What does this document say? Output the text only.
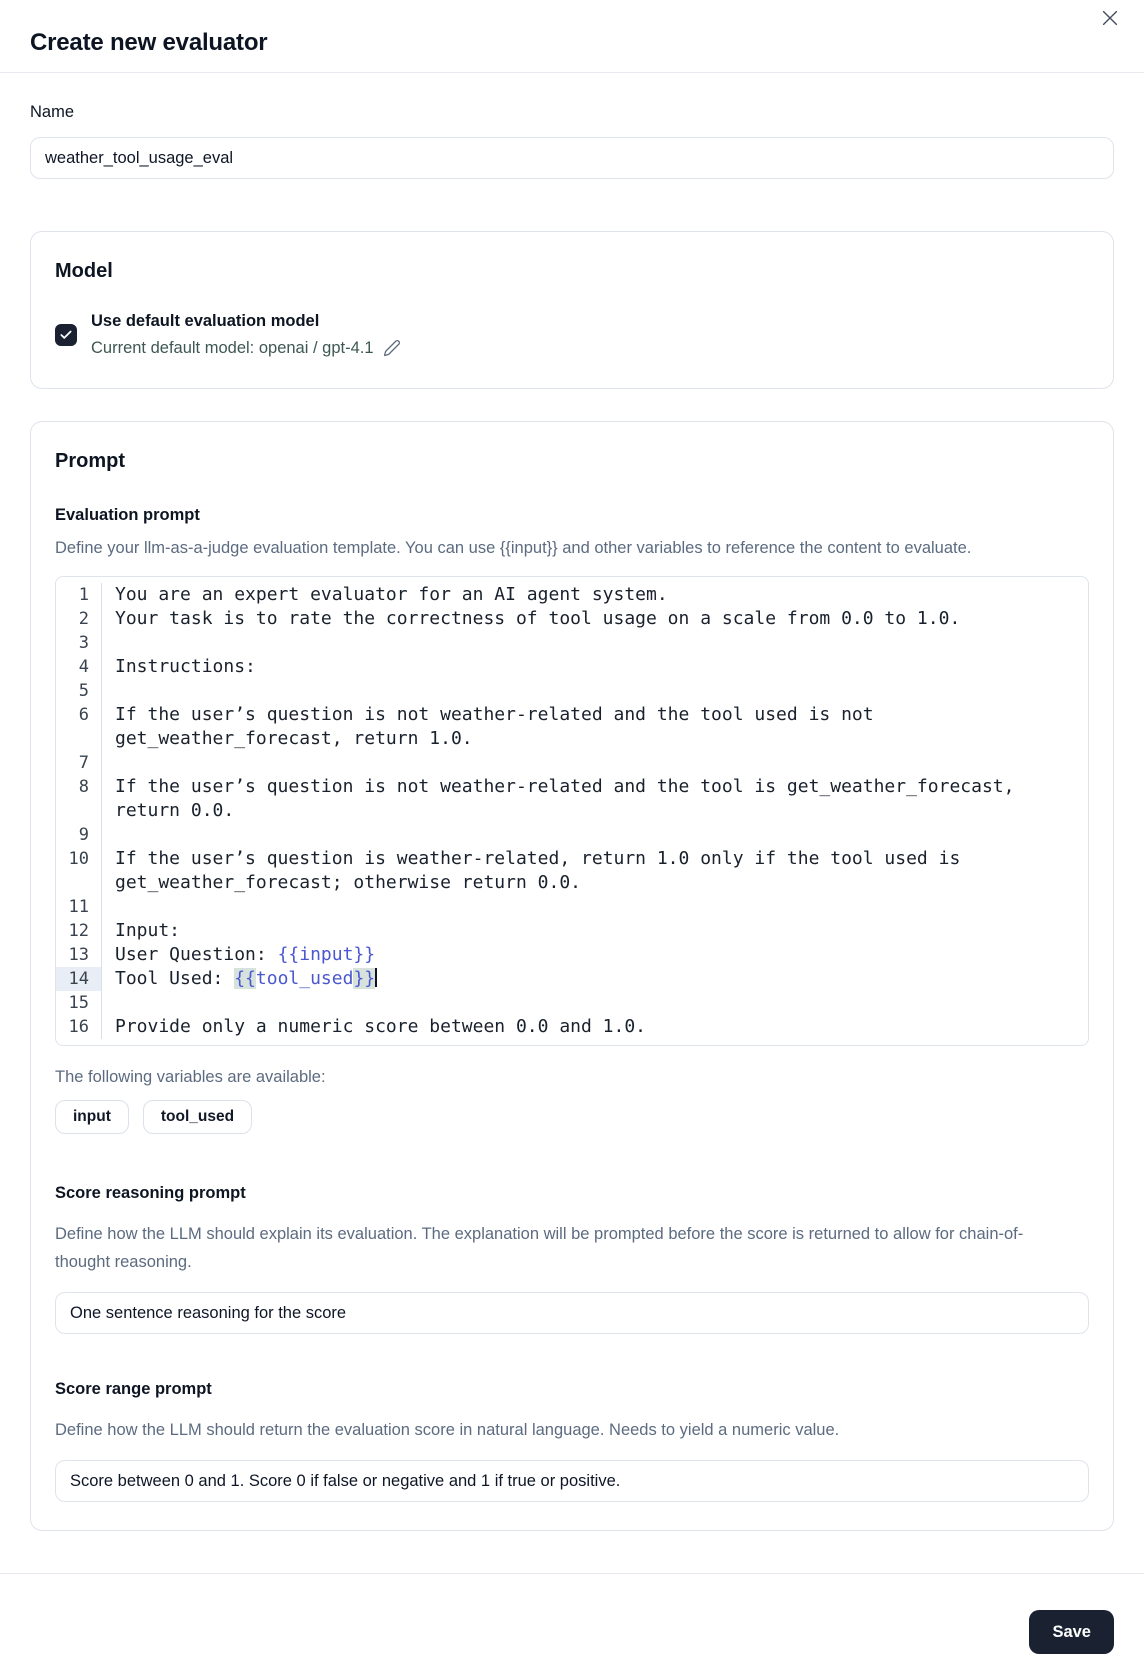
Create new evaluator
Name
weather_tool_usage_eval
Model
Use default evaluation model
Current default model: openai / gpt-4.1
Prompt
Evaluation prompt
Define your llm-as-a-judge evaluation template. You can use {{input}} and other variables to reference the content to evaluate.
1	You are an expert evaluator for an AI agent system.
2	Your task is to rate the correctness of tool usage on a scale from 0.0 to 1.0.
3

4	Instructions:
5

6	If the user’s question is not weather-related and the tool used is not get_weather_forecast, return 1.0.
7

8	If the user’s question is not weather-related and the tool is get_weather_forecast, return 0.0.
9

10	If the user’s question is weather-related, return 1.0 only if the tool used is get_weather_forecast; otherwise return 0.0.
11

12	Input:
13	User Question: {{input}}
14	Tool Used: {{tool_used}}
15

16	Provide only a numeric score between 0.0 and 1.0.
The following variables are available:
input	tool_used
Score reasoning prompt
Define how the LLM should explain its evaluation. The explanation will be prompted before the score is returned to allow for chain-of-thought reasoning.
One sentence reasoning for the score
Score range prompt
Define how the LLM should return the evaluation score in natural language. Needs to yield a numeric value.
Score between 0 and 1. Score 0 if false or negative and 1 if true or positive.
Save
